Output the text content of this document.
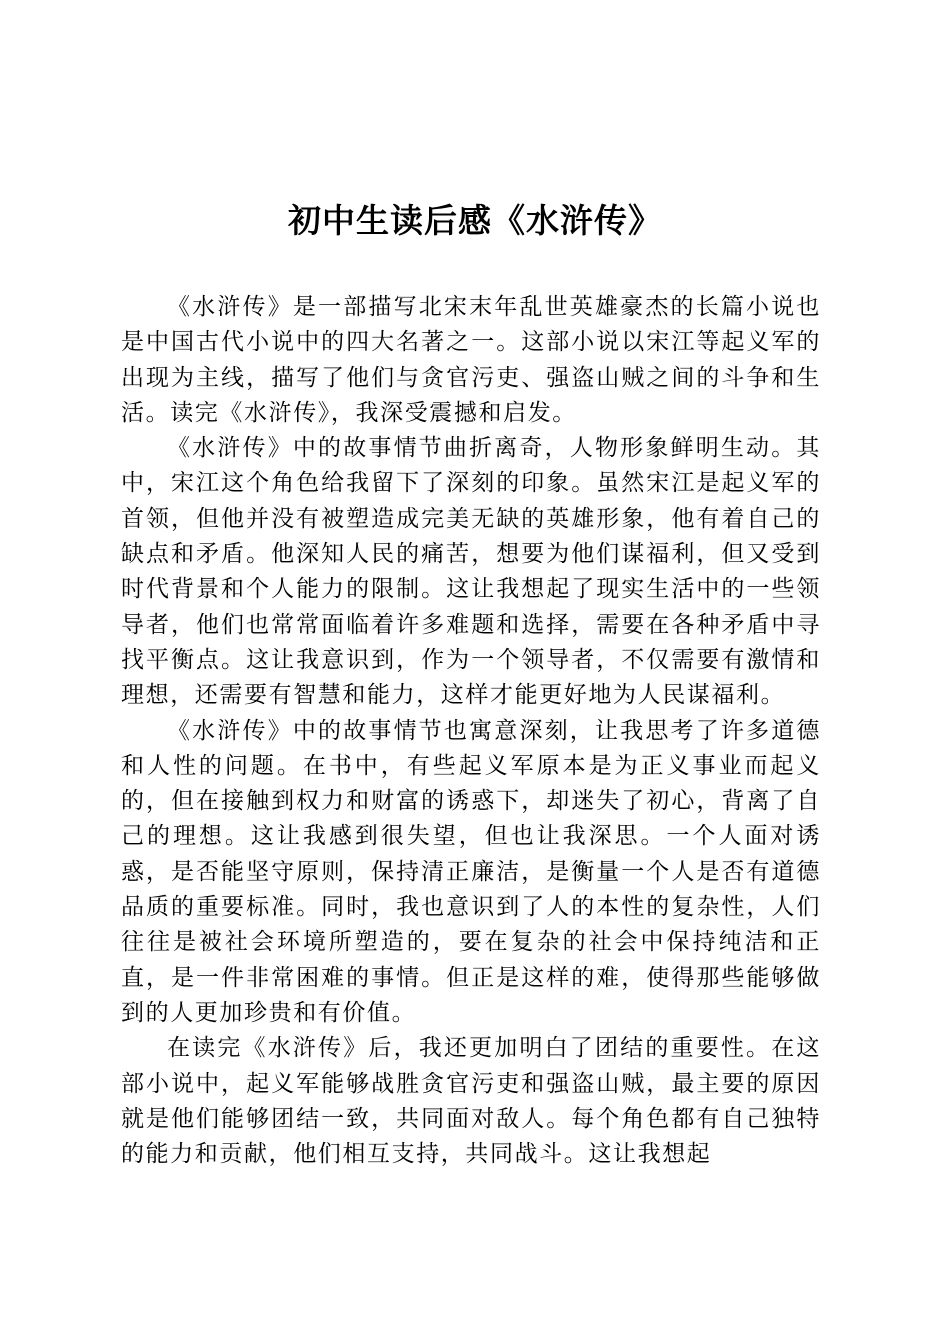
初中生读后感《水浒传》

《水浒传》是一部描写北宋末年乱世英雄豪杰的长篇小说也是中国古代小说中的四大名著之一。这部小说以宋江等起义军的出现为主线，描写了他们与贪官污吏、强盗山贼之间的斗争和生活。读完《水浒传》，我深受震撼和启发。

《水浒传》中的故事情节曲折离奇，人物形象鲜明生动。其中，宋江这个角色给我留下了深刻的印象。虽然宋江是起义军的首领，但他并没有被塑造成完美无缺的英雄形象，他有着自己的缺点和矛盾。他深知人民的痛苦，想要为他们谋福利，但又受到时代背景和个人能力的限制。这让我想起了现实生活中的一些领导者，他们也常常面临着许多难题和选择，需要在各种矛盾中寻找平衡点。这让我意识到，作为一个领导者，不仅需要有激情和理想，还需要有智慧和能力，这样才能更好地为人民谋福利。

《水浒传》中的故事情节也寓意深刻，让我思考了许多道德和人性的问题。在书中，有些起义军原本是为正义事业而起义的，但在接触到权力和财富的诱惑下，却迷失了初心，背离了自己的理想。这让我感到很失望，但也让我深思。一个人面对诱惑，是否能坚守原则，保持清正廉洁，是衡量一个人是否有道德品质的重要标准。同时，我也意识到了人的本性的复杂性，人们往往是被社会环境所塑造的，要在复杂的社会中保持纯洁和正直，是一件非常困难的事情。但正是这样的难，使得那些能够做到的人更加珍贵和有价值。

在读完《水浒传》后，我还更加明白了团结的重要性。在这部小说中，起义军能够战胜贪官污吏和强盗山贼，最主要的原因就是他们能够团结一致，共同面对敌人。每个角色都有自己独特的能力和贡献，他们相互支持，共同战斗。这让我想起
